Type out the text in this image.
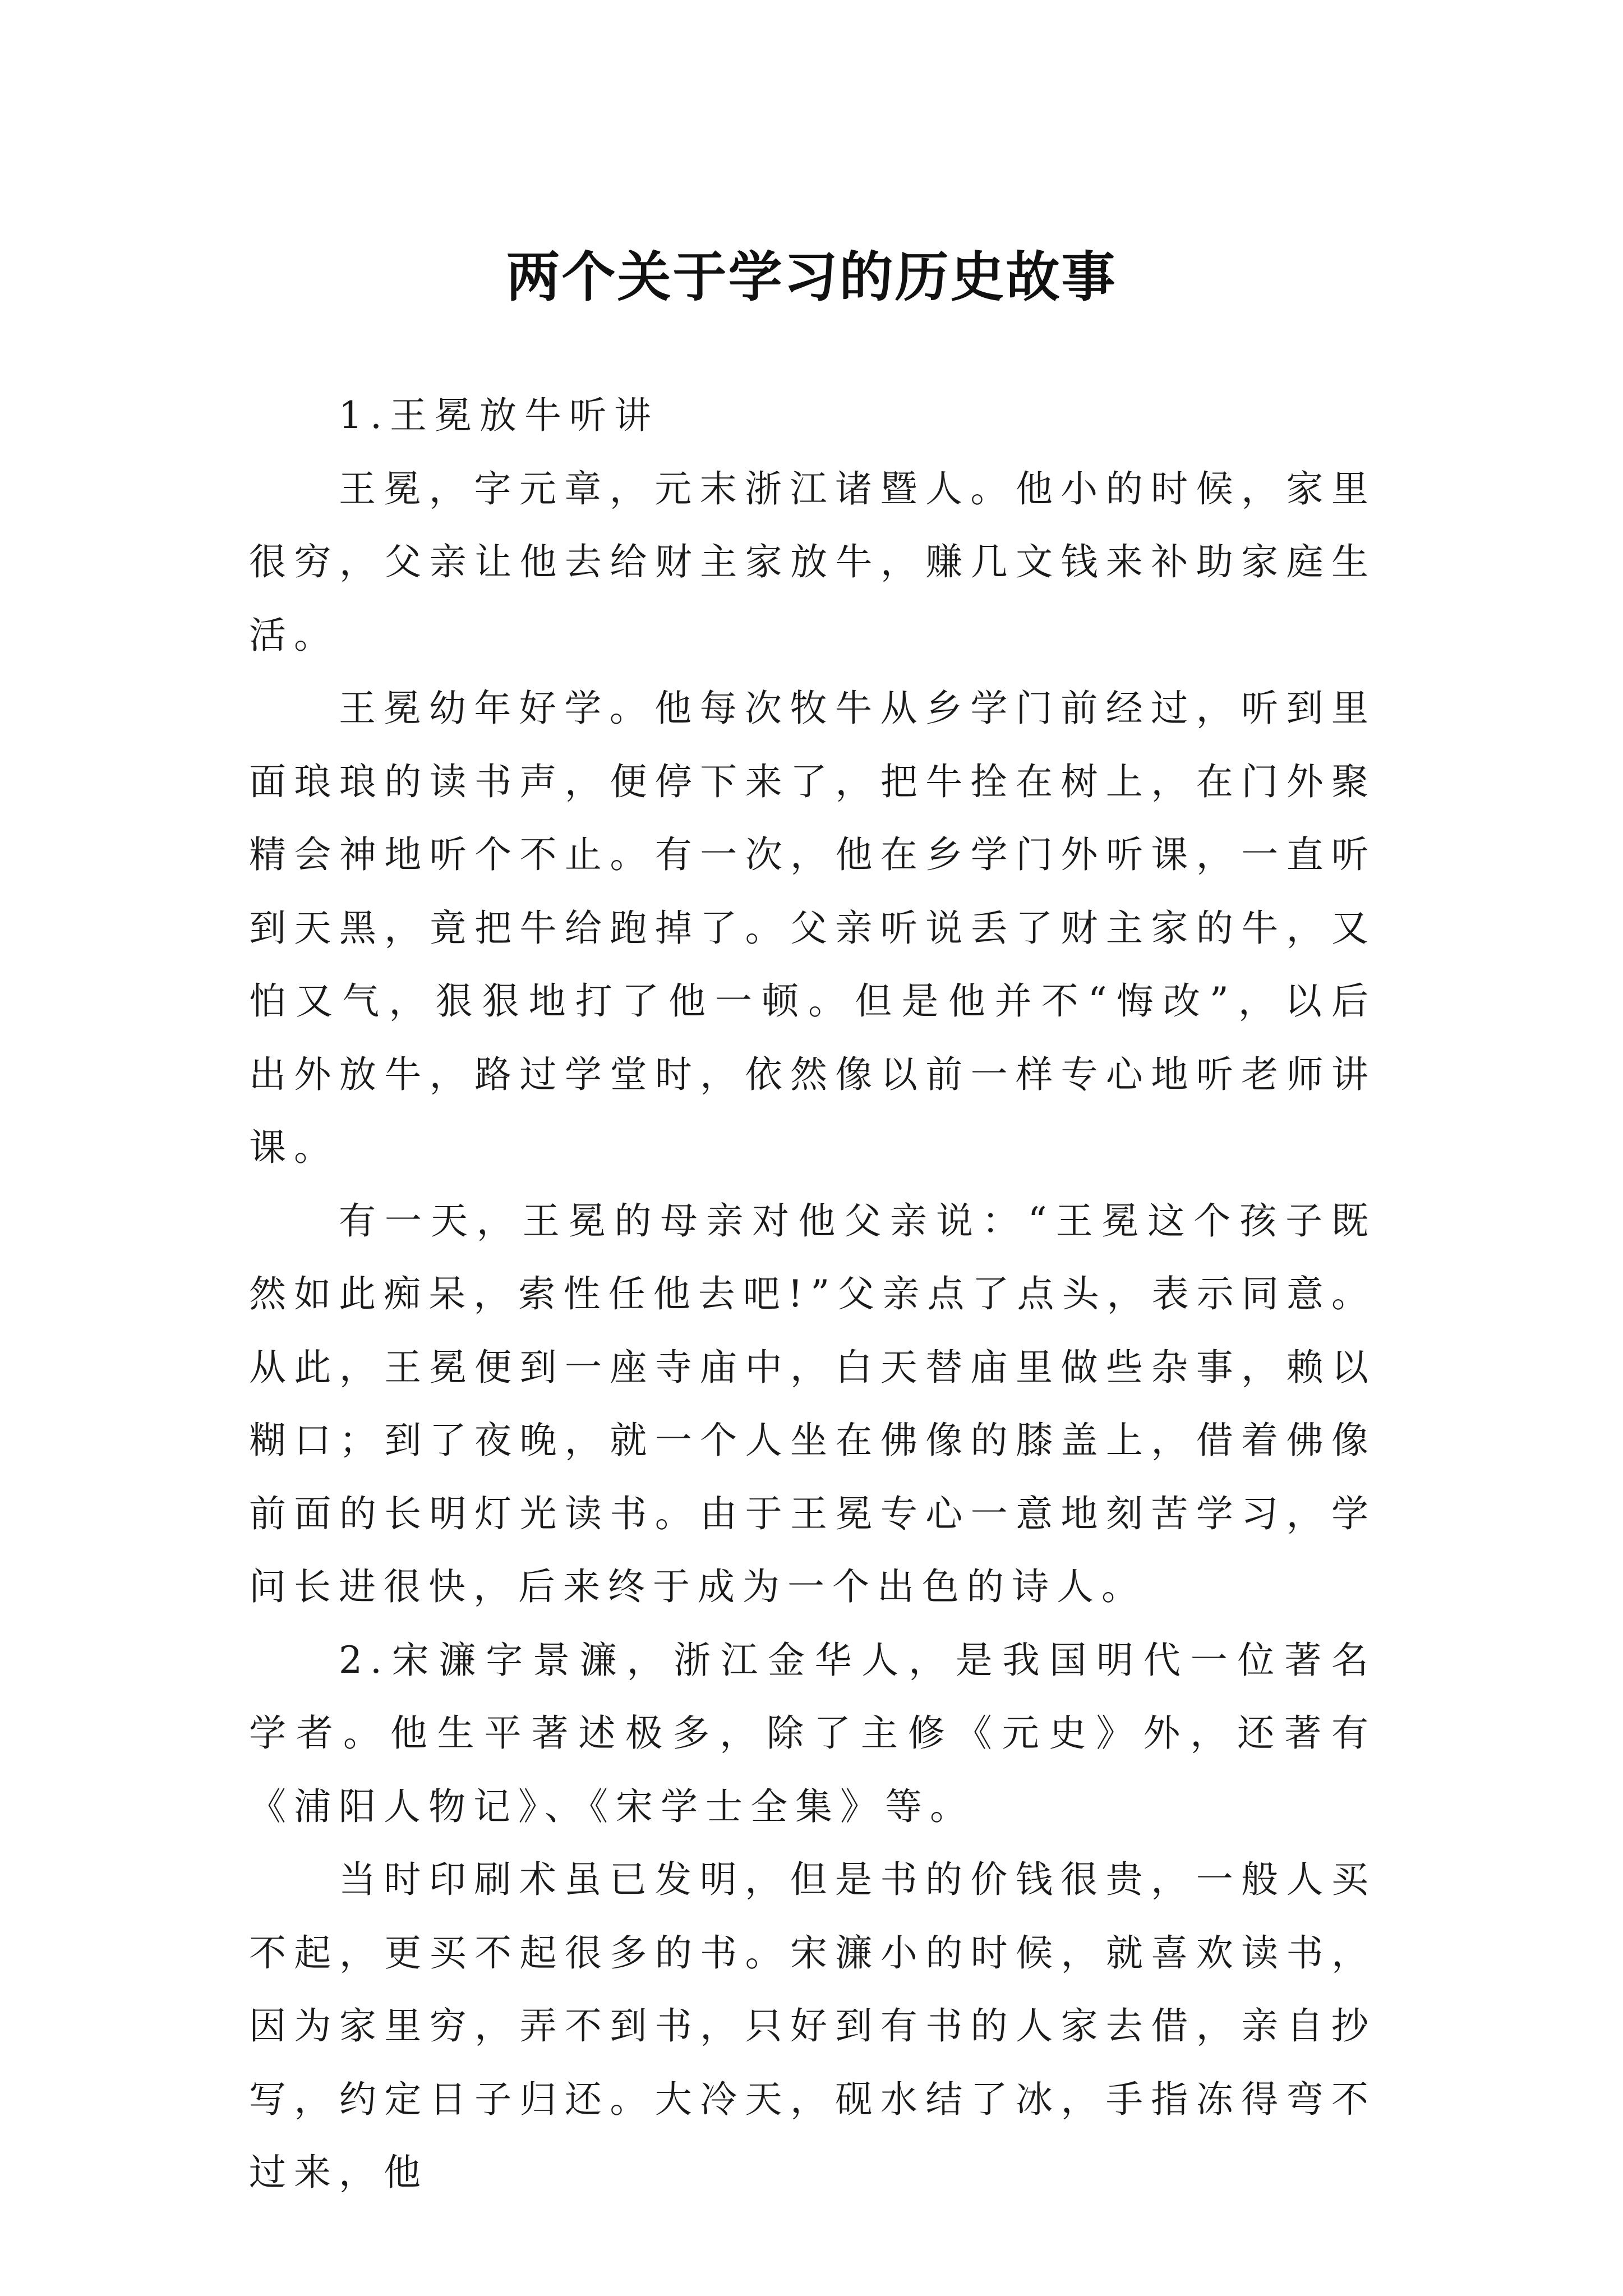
两个关于学习的历史故事

1.王冕放牛听讲

王冕，字元章，元末浙江诸暨人。他小的时候，家里很穷，父亲让他去给财主家放牛，赚几文钱来补助家庭生活。

王冕幼年好学。他每次牧牛从乡学门前经过，听到里面琅琅的读书声，便停下来了，把牛拴在树上，在门外聚精会神地听个不止。有一次，他在乡学门外听课，一直听到天黑，竟把牛给跑掉了。父亲听说丢了财主家的牛，又怕又气，狠狠地打了他一顿。但是他并不“悔改”，以后出外放牛，路过学堂时，依然像以前一样专心地听老师讲课。

有一天，王冕的母亲对他父亲说：“王冕这个孩子既然如此痴呆，索性任他去吧!”父亲点了点头，表示同意。从此，王冕便到一座寺庙中，白天替庙里做些杂事，赖以糊口；到了夜晚，就一个人坐在佛像的膝盖上，借着佛像前面的长明灯光读书。由于王冕专心一意地刻苦学习，学问长进很快，后来终于成为一个出色的诗人。

2.宋濂字景濂，浙江金华人，是我国明代一位著名学者。他生平著述极多，除了主修《元史》外，还著有《浦阳人物记》、《宋学士全集》等。

当时印刷术虽已发明，但是书的价钱很贵，一般人买不起，更买不起很多的书。宋濂小的时候，就喜欢读书，因为家里穷，弄不到书，只好到有书的人家去借，亲自抄写，约定日子归还。大冷天，砚水结了冰，手指冻得弯不过来，他
